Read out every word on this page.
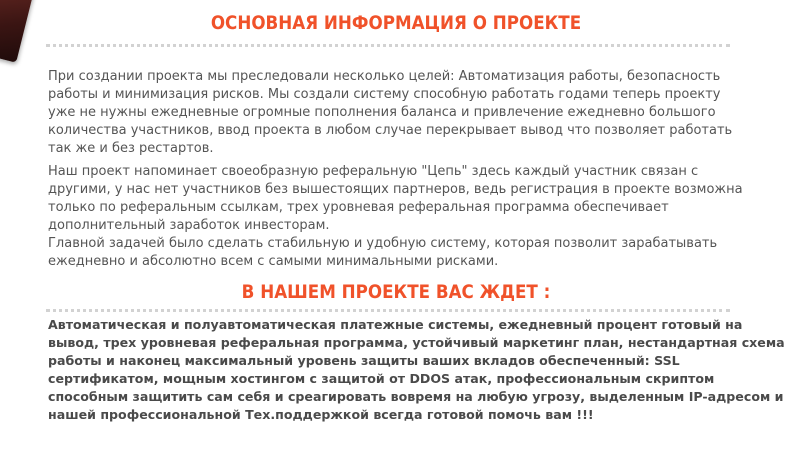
ОСНОВНАЯ ИНФОРМАЦИЯ О ПРОЕКТЕ

При создании проекта мы преследовали несколько целей: Автоматизация работы, безопасность
работы и минимизация рисков. Мы создали систему способную работать годами теперь проекту
уже не нужны ежедневные огромные пополнения баланса и привлечение ежедневно большого
количества участников, ввод проекта в любом случае перекрывает вывод что позволяет работать
так же и без рестартов.

Наш проект напоминает своеобразную реферальную "Цепь" здесь каждый участник связан с
другими, у нас нет участников без вышестоящих партнеров, ведь регистрация в проекте возможна
только по реферальным ссылкам, трех уровневая реферальная программа обеспечивает
дополнительный заработок инвесторам.
Главной задачей было сделать стабильную и удобную систему, которая позволит зарабатывать
ежедневно и абсолютно всем с самыми минимальными рисками.

В НАШЕМ ПРОЕКТЕ ВАС ЖДЕТ :

Автоматическая и полуавтоматическая платежные системы, ежедневный процент готовый на
вывод, трех уровневая реферальная программа, устойчивый маркетинг план, нестандартная схема
работы и наконец максимальный уровень защиты ваших вкладов обеспеченный: SSL
сертификатом, мощным хостингом с защитой от DDOS атак, профессиональным скриптом
способным защитить сам себя и среагировать вовремя на любую угрозу, выделенным IP-адресом и
нашей профессиональной Тех.поддержкой всегда готовой помочь вам !!!
